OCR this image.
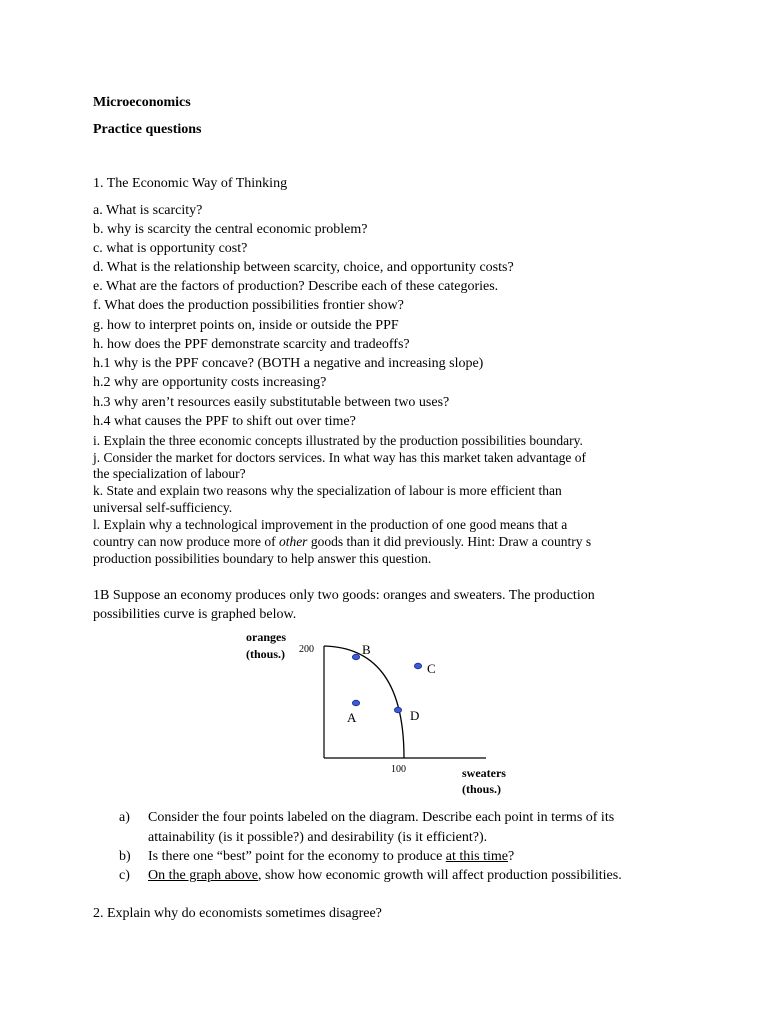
Microeconomics
Practice questions
1. The Economic Way of Thinking
a. What is scarcity?
b. why is scarcity the central economic problem?
c. what is opportunity cost?
d. What is the relationship between scarcity, choice, and opportunity costs?
e. What are the factors of production? Describe each of these categories.
f. What does the production possibilities frontier show?
g. how to interpret points on, inside or outside the PPF
h. how does the PPF demonstrate scarcity and tradeoffs?
h.1 why is the PPF concave? (BOTH a negative and increasing slope)
h.2 why are opportunity costs increasing?
h.3 why aren’t resources easily substitutable between two uses?
h.4 what causes the PPF to shift out over time?
i. Explain the three economic concepts illustrated by the production possibilities boundary.
j. Consider the market for doctors services. In what way has this market taken advantage of
the specialization of labour?
k. State and explain two reasons why the specialization of labour is more efficient than
universal self-sufficiency.
l. Explain why a technological improvement in the production of one good means that a
country can now produce more of other goods than it did previously. Hint: Draw a country s
production possibilities boundary to help answer this question.
1B Suppose an economy produces only two goods: oranges and sweaters. The production
possibilities curve is graphed below.
oranges
(thous.) 200
100	sweaters
(thous.)
A
B
C
D
a) Consider the four points labeled on the diagram. Describe each point in terms of its
attainability (is it possible?) and desirability (is it efficient?).
b) Is there one “best” point for the economy to produce at this time?
c) On the graph above, show how economic growth will affect production possibilities.
2. Explain why do economists sometimes disagree?
